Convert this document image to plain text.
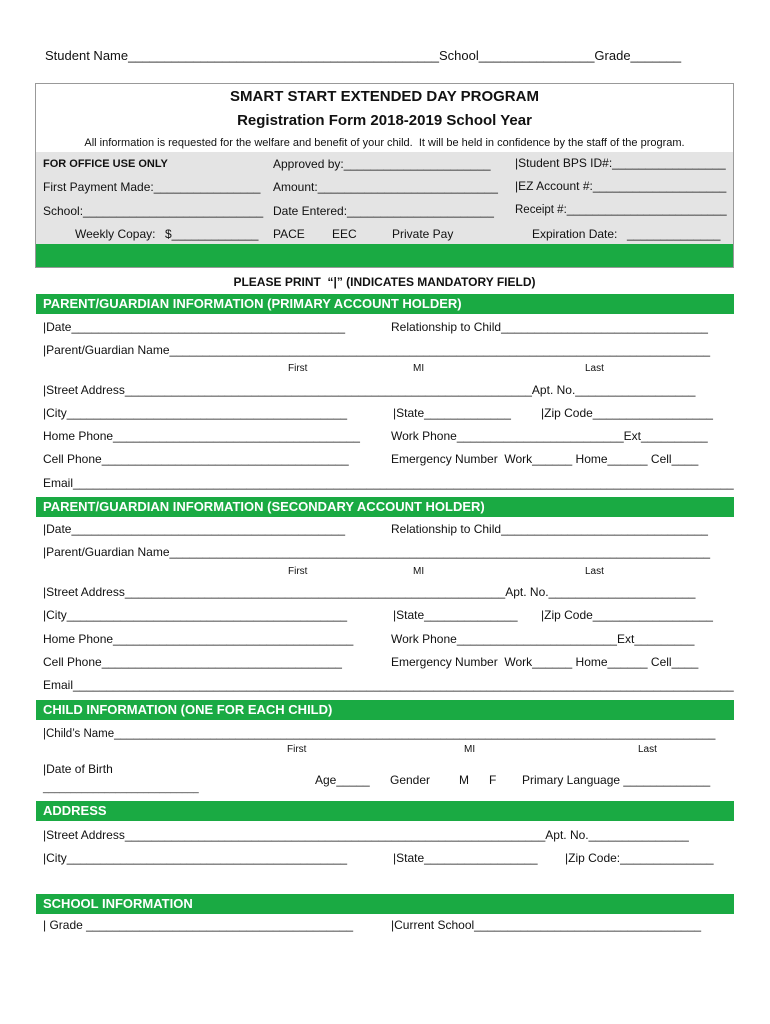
Student Name___________________________________________School________________Grade_______
SMART START EXTENDED DAY PROGRAM
Registration Form 2018-2019 School Year
All information is requested for the welfare and benefit of your child.  It will be held in confidence by the staff of the program.
FOR OFFICE USE ONLY	Approved by:______________________ |Student BPS ID#:_________________
First Payment Made:________________ Amount:___________________________ |EZ Account #:____________________
School:___________________________ Date Entered:______________________ Receipt #:_________________________
Weekly Copay: $_____________ PACE EEC	Private Pay	Expiration Date: ______________
PLEASE PRINT  “|” (INDICATES MANDATORY FIELD)
PARENT/GUARDIAN INFORMATION (PRIMARY ACCOUNT HOLDER)
|Date_________________________________________	Relationship to Child_______________________________
|Parent/Guardian Name_________________________________________________________________________________
First	MI	Last
|Street Address_____________________________________________________________Apt. No.__________________
|City__________________________________________	|State_____________	|Zip Code__________________
Home Phone_____________________________________	Work Phone_________________________Ext__________
Cell Phone_____________________________________	Emergency Number  Work______ Home______ Cell____
Email___________________________________________________________________________________________________
PARENT/GUARDIAN INFORMATION (SECONDARY ACCOUNT HOLDER)
|Date_________________________________________	Relationship to Child_______________________________
|Parent/Guardian Name_________________________________________________________________________________
First	MI	Last
|Street Address_________________________________________________________Apt. No.______________________
|City__________________________________________	|State______________ |Zip Code__________________
Home Phone____________________________________	Work Phone________________________Ext_________
Cell Phone____________________________________	Emergency Number  Work______ Home______ Cell____
Email___________________________________________________________________________________________________
CHILD INFORMATION (ONE FOR EACH CHILD)
|Child’s Name______________________________________________________________________________________________
First	MI	Last
|Date of Birth
____________________________
Age_____ Gender M F Primary Language _____________
ADDRESS
|Street Address_______________________________________________________________Apt. No._______________
|City__________________________________________	|State_________________ |Zip Code:______________
SCHOOL INFORMATION
| Grade ________________________________________	|Current School__________________________________
